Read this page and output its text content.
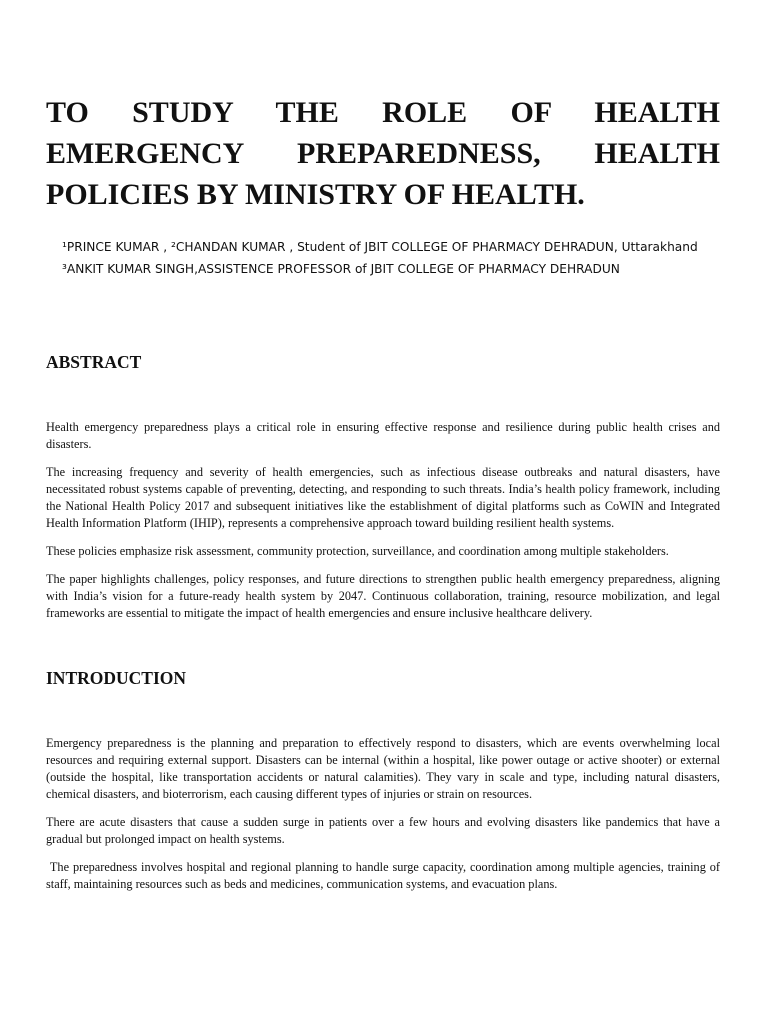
TO STUDY THE ROLE OF HEALTH
EMERGENCY PREPAREDNESS, HEALTH
POLICIES BY MINISTRY OF HEALTH.
¹PRINCE KUMAR , ²CHANDAN KUMAR , Student of JBIT COLLEGE OF PHARMACY DEHRADUN, Uttarakhand
³ANKIT KUMAR SINGH,ASSISTENCE PROFESSOR of JBIT COLLEGE OF PHARMACY DEHRADUN
ABSTRACT

Health emergency preparedness plays a critical role in ensuring effective response and resilience during public health crises and disasters.

The increasing frequency and severity of health emergencies, such as infectious disease outbreaks and natural disasters, have necessitated robust systems capable of preventing, detecting, and responding to such threats. India’s health policy framework, including the National Health Policy 2017 and subsequent initiatives like the establishment of digital platforms such as CoWIN and Integrated Health Information Platform (IHIP), represents a comprehensive approach toward building resilient health systems.

These policies emphasize risk assessment, community protection, surveillance, and coordination among multiple stakeholders.

The paper highlights challenges, policy responses, and future directions to strengthen public health emergency preparedness, aligning with India’s vision for a future-ready health system by 2047. Continuous collaboration, training, resource mobilization, and legal frameworks are essential to mitigate the impact of health emergencies and ensure inclusive healthcare delivery.

INTRODUCTION

Emergency preparedness is the planning and preparation to effectively respond to disasters, which are events overwhelming local resources and requiring external support. Disasters can be internal (within a hospital, like power outage or active shooter) or external (outside the hospital, like transportation accidents or natural calamities). They vary in scale and type, including natural disasters, chemical disasters, and bioterrorism, each causing different types of injuries or strain on resources.

There are acute disasters that cause a sudden surge in patients over a few hours and evolving disasters like pandemics that have a gradual but prolonged impact on health systems.

The preparedness involves hospital and regional planning to handle surge capacity, coordination among multiple agencies, training of staff, maintaining resources such as beds and medicines, communication systems, and evacuation plans.
